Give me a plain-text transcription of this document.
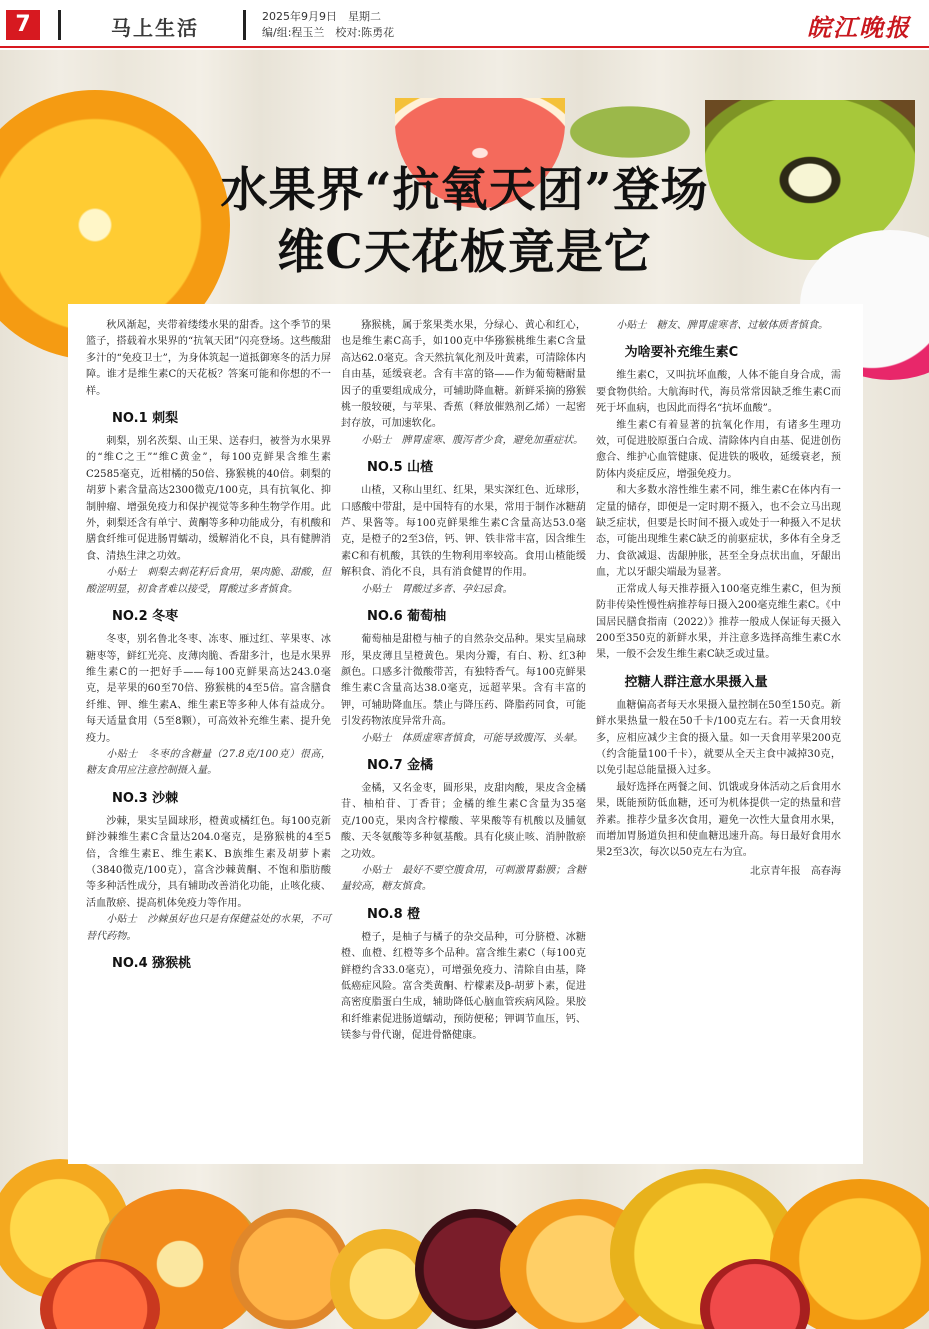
7	马上生活	2025年9月9日　星期二
编/组:程玉兰　校对:陈勇花	皖江晚报
水果界“抗氧天团”登场
维C天花板竟是它

秋风渐起，夹带着缕缕水果的甜香。这个季节的果篮子，搭载着水果界的“抗氧天团”闪亮登场。这些酸甜多汁的“免疫卫士”，为身体筑起一道抵御寒冬的活力屏障。谁才是维生素C的天花板？答案可能和你想的不一样。

NO.1 刺梨

刺梨，别名茨梨、山王果、送春归，被誉为水果界的“维C之王”“维C黄金”，每100克鲜果含维生素C2585毫克，近柑橘的50倍、猕猴桃的40倍。刺梨的胡萝卜素含量高达2300微克/100克，具有抗氧化、抑制肿瘤、增强免疫力和保护视觉等多种生物学作用。此外，刺梨还含有单宁、黄酮等多种功能成分，有机酸和膳食纤维可促进肠胃蠕动，缓解消化不良，具有健脾消食、清热生津之功效。

小贴士　刺梨去刺花籽后食用，果肉脆、甜酸，但酸涩明显，初食者难以接受，胃酸过多者慎食。

NO.2 冬枣

冬枣，别名鲁北冬枣、冻枣、雁过红、苹果枣、冰糖枣等，鲜红光亮、皮薄肉脆、香甜多汁，也是水果界维生素C的一把好手——每100克鲜果高达243.0毫克，是苹果的60至70倍、猕猴桃的4至5倍。富含膳食纤维、钾、维生素A、维生素E等多种人体有益成分。每天适量食用（5至8颗），可高效补充维生素、提升免疫力。

小贴士　冬枣的含糖量（27.8克/100克）很高，糖友食用应注意控制摄入量。

NO.3 沙棘

沙棘，果实呈圆球形，橙黄或橘红色。每100克新鲜沙棘维生素C含量达204.0毫克，是猕猴桃的4至5倍，含维生素E、维生素K、B族维生素及胡萝卜素（3840微克/100克），富含沙棘黄酮、不饱和脂肪酸等多种活性成分，具有辅助改善消化功能，止咳化痰、活血散瘀、提高机体免疫力等作用。

小贴士　沙棘虽好也只是有保健益处的水果，不可替代药物。

NO.4 猕猴桃

猕猴桃，属于浆果类水果，分绿心、黄心和红心，也是维生素C高手，如100克中华猕猴桃维生素C含量高达62.0毫克。含天然抗氧化剂及叶黄素，可清除体内自由基，延缓衰老。含有丰富的铬——作为葡萄糖耐量因子的重要组成成分，可辅助降血糖。新鲜采摘的猕猴桃一般较硬，与苹果、香蕉（释放催熟剂乙烯）一起密封存放，可加速软化。

小贴士　脾胃虚寒、腹泻者少食，避免加重症状。

NO.5 山楂

山楂，又称山里红、红果，果实深红色、近球形，口感酸中带甜，是中国特有的水果，常用于制作冰糖葫芦、果酱等。每100克鲜果维生素C含量高达53.0毫克，是橙子的2至3倍，钙、钾、铁非常丰富，因含维生素C和有机酸，其铁的生物利用率较高。食用山楂能缓解积食、消化不良，具有消食健胃的作用。

小贴士　胃酸过多者、孕妇忌食。

NO.6 葡萄柚

葡萄柚是甜橙与柚子的自然杂交品种。果实呈扁球形，果皮薄且呈橙黄色。果肉分瓣，有白、粉、红3种颜色。口感多汁微酸带苦，有独特香气。每100克鲜果维生素C含量高达38.0毫克，远超苹果。含有丰富的钾，可辅助降血压。禁止与降压药、降脂药同食，可能引发药物浓度异常升高。

小贴士　体质虚寒者慎食，可能导致腹泻、头晕。

NO.7 金橘

金橘，又名金枣，圆形果，皮甜肉酸，果皮含金橘苷、柚柏苷、丁香苷；金橘的维生素C含量为35毫克/100克，果肉含柠檬酸、苹果酸等有机酸以及脯氨酸、天冬氨酸等多种氨基酸。具有化痰止咳、消肿散瘀之功效。

小贴士　最好不要空腹食用，可刺激胃黏膜；含糖量较高，糖友慎食。

NO.8 橙

橙子，是柚子与橘子的杂交品种，可分脐橙、冰糖橙、血橙、红橙等多个品种。富含维生素C（每100克鲜橙约含33.0毫克），可增强免疫力、清除自由基，降低癌症风险。富含类黄酮、柠檬素及β-胡萝卜素，促进高密度脂蛋白生成，辅助降低心脑血管疾病风险。果胶和纤维素促进肠道蠕动，预防便秘；钾调节血压，钙、镁参与骨代谢，促进骨骼健康。

小贴士　糖友、脾胃虚寒者、过敏体质者慎食。

为啥要补充维生素C

维生素C，又叫抗坏血酸，人体不能自身合成，需要食物供给。大航海时代，海员常常因缺乏维生素C而死于坏血病，也因此而得名“抗坏血酸”。

维生素C有着显著的抗氧化作用，有诸多生理功效，可促进胶原蛋白合成、清除体内自由基、促进创伤愈合、维护心血管健康、促进铁的吸收，延缓衰老，预防体内炎症反应，增强免疫力。

和大多数水溶性维生素不同，维生素C在体内有一定量的储存，即便是一定时期不摄入，也不会立马出现缺乏症状，但要是长时间不摄入或处于一种摄入不足状态，可能出现维生素C缺乏的前驱症状，多体有全身乏力、食欲减退、齿龈肿胀，甚至全身点状出血，牙龈出血，尤以牙龈尖端最为显著。

正常成人每天推荐摄入100毫克维生素C，但为预防非传染性慢性病推荐每日摄入200毫克维生素C。《中国居民膳食指南（2022）》推荐一般成人保证每天摄入200至350克的新鲜水果，并注意多选择高维生素C水果，一般不会发生维生素C缺乏或过量。

控糖人群注意水果摄入量

血糖偏高者每天水果摄入量控制在50至150克。新鲜水果热量一般在50千卡/100克左右。若一天食用较多，应相应减少主食的摄入量。如一天食用苹果200克（约含能量100千卡），就要从全天主食中减掉30克，以免引起总能量摄入过多。

最好选择在两餐之间、饥饿或身体活动之后食用水果，既能预防低血糖，还可为机体提供一定的热量和营养素。推荐少量多次食用，避免一次性大量食用水果，而增加胃肠道负担和使血糖迅速升高。每日最好食用水果2至3次，每次以50克左右为宜。

北京青年报　高春海
